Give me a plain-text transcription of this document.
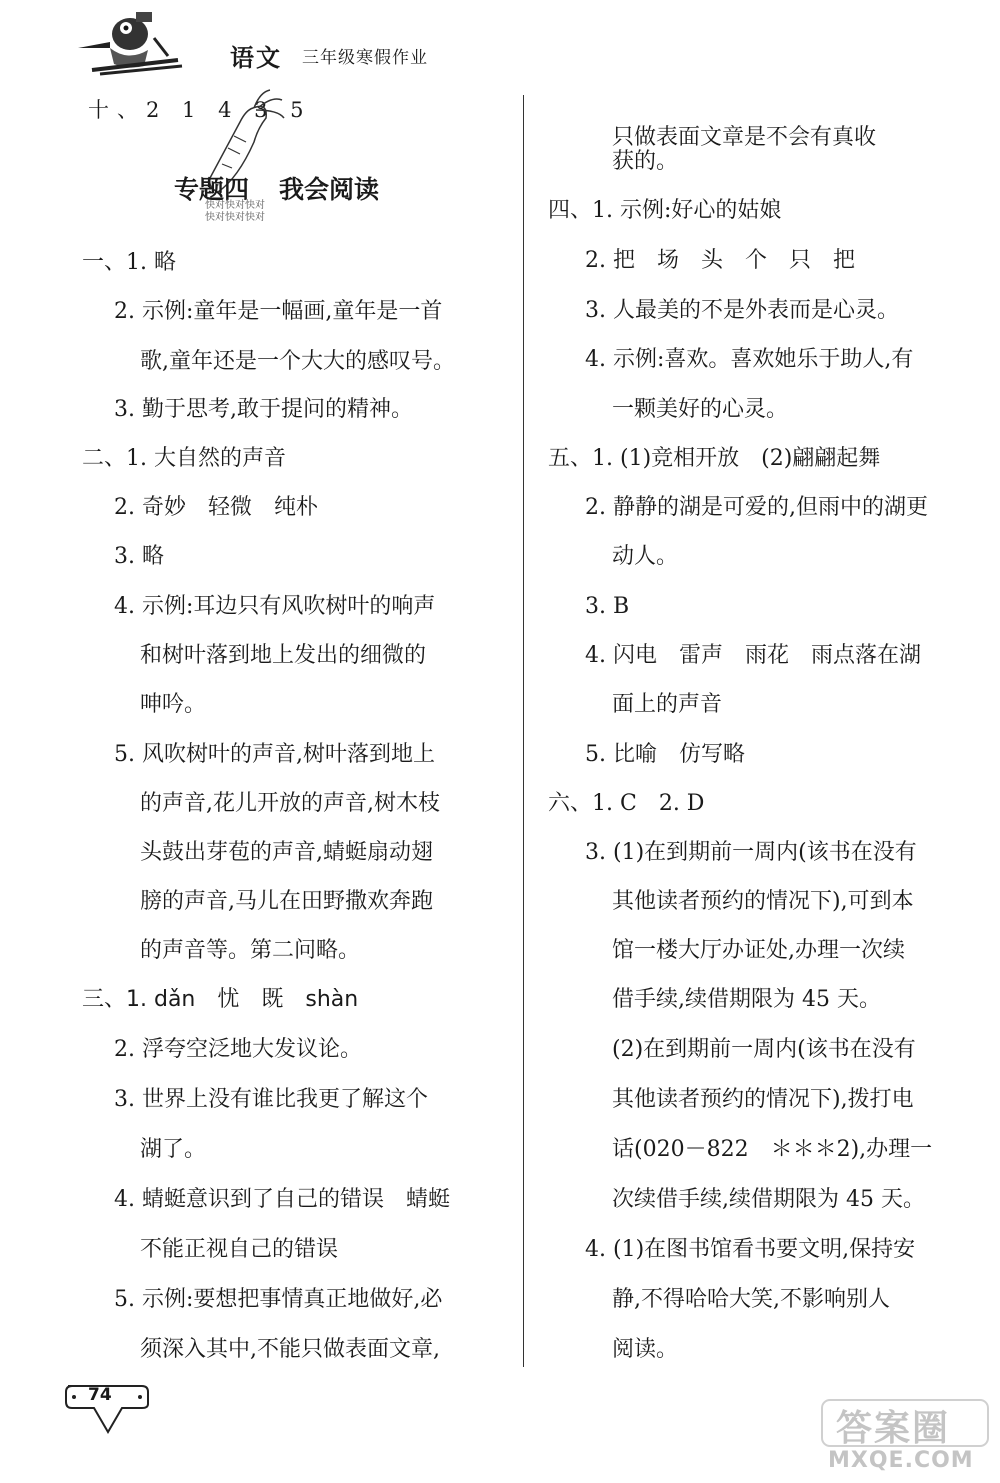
语文 三年级寒假作业
十、2 1 4 3 5
专题四 我会阅读
快对快对快对
快对快对快对
一、1. 略
2. 示例:童年是一幅画,童年是一首
歌,童年还是一个大大的感叹号。
3. 勤于思考,敢于提问的精神。
二、1. 大自然的声音
2. 奇妙　轻微　纯朴
3. 略
4. 示例:耳边只有风吹树叶的响声
和树叶落到地上发出的细微的
呻吟。
5. 风吹树叶的声音,树叶落到地上
的声音,花儿开放的声音,树木枝
头鼓出芽苞的声音,蜻蜓扇动翅
膀的声音,马儿在田野撒欢奔跑
的声音等。第二问略。
三、1. dǎn　忧　既　shàn
2. 浮夸空泛地大发议论。
3. 世界上没有谁比我更了解这个
湖了。
4. 蜻蜓意识到了自己的错误　蜻蜓
不能正视自己的错误
5. 示例:要想把事情真正地做好,必
须深入其中,不能只做表面文章,
只做表面文章是不会有真收
获的。
四、1. 示例:好心的姑娘
2. 把　场　头　个　只　把
3. 人最美的不是外表而是心灵。
4. 示例:喜欢。喜欢她乐于助人,有
一颗美好的心灵。
五、1. (1)竞相开放　(2)翩翩起舞
2. 静静的湖是可爱的,但雨中的湖更
动人。
3. B
4. 闪电　雷声　雨花　雨点落在湖
面上的声音
5. 比喻　仿写略
六、1. C　2. D
3. (1)在到期前一周内(该书在没有
其他读者预约的情况下),可到本
馆一楼大厅办证处,办理一次续
借手续,续借期限为 45 天。
(2)在到期前一周内(该书在没有
其他读者预约的情况下),拨打电
话(020－822　＊＊＊2),办理一
次续借手续,续借期限为 45 天。
4. (1)在图书馆看书要文明,保持安
静,不得哈哈大笑,不影响别人
阅读。
74
答案圈
MXQE.COM
